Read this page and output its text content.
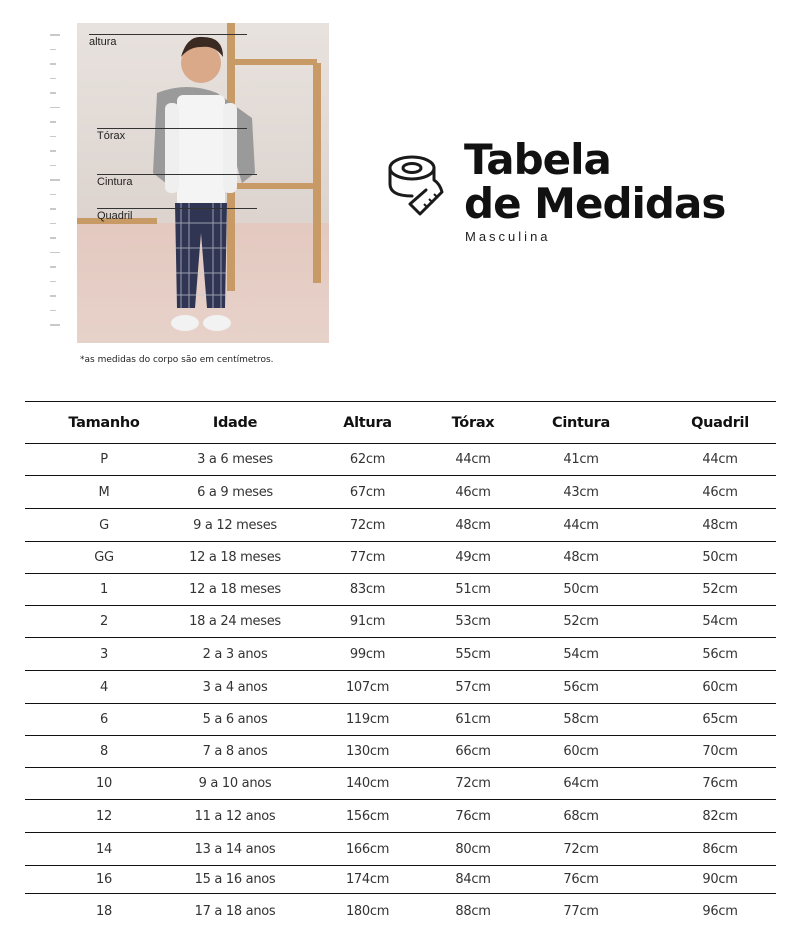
altura
Tórax
Cintura
Quadril

*as medidas do corpo são em centímetros.

Tabela
de Medidas
Masculina
Tamanho	Idade	Altura	Tórax	Cintura	Quadril
P	3 a 6 meses	62cm	44cm	41cm	44cm
M	6 a 9 meses	67cm	46cm	43cm	46cm
G	9 a 12 meses	72cm	48cm	44cm	48cm
GG	12 a 18 meses	77cm	49cm	48cm	50cm
1	12 a 18 meses	83cm	51cm	50cm	52cm
2	18 a 24 meses	91cm	53cm	52cm	54cm
3	2 a 3 anos	99cm	55cm	54cm	56cm
4	3 a 4 anos	107cm	57cm	56cm	60cm
6	5 a 6 anos	119cm	61cm	58cm	65cm
8	7 a 8 anos	130cm	66cm	60cm	70cm
10	9 a 10 anos	140cm	72cm	64cm	76cm
12	11 a 12 anos	156cm	76cm	68cm	82cm
14	13 a 14 anos	166cm	80cm	72cm	86cm
16	15 a 16 anos	174cm	84cm	76cm	90cm
18	17 a 18 anos	180cm	88cm	77cm	96cm
